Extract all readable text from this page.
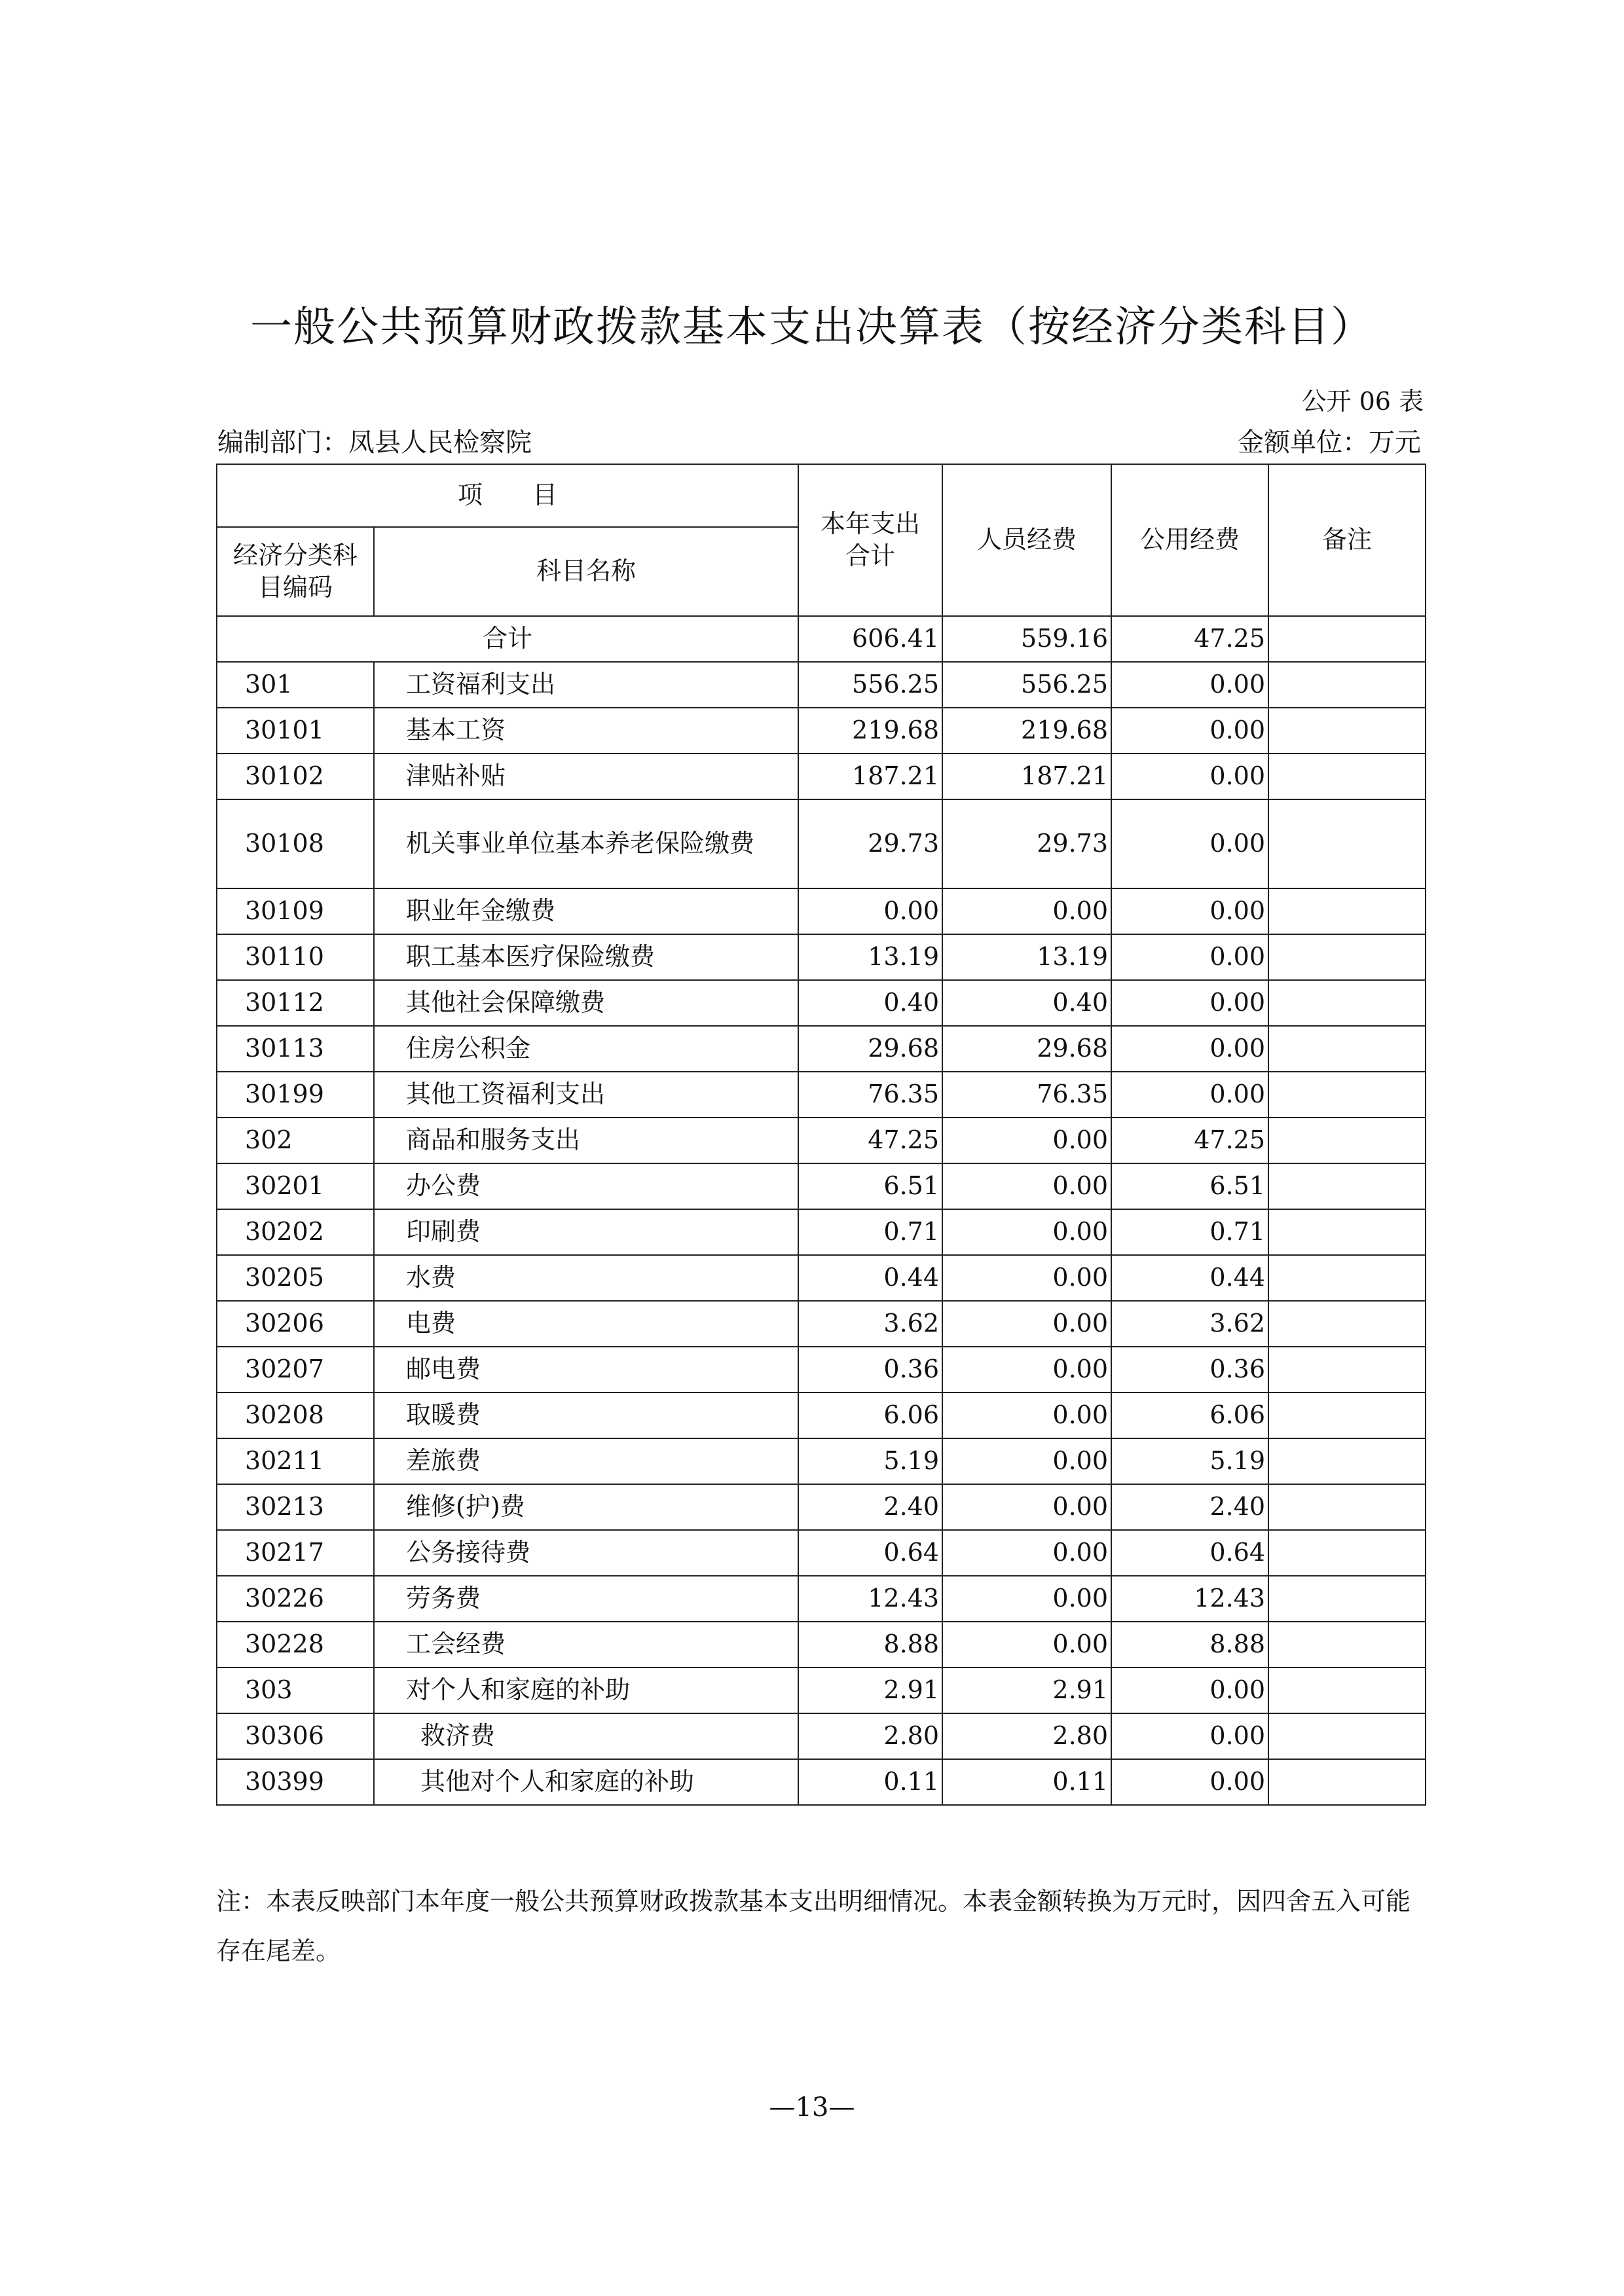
一般公共预算财政拨款基本支出决算表（按经济分类科目）
公开 06 表
编制部门：凤县人民检察院	金额单位：万元
项　　目		本年支出合计	人员经费	公用经费	备注
经济分类科目编码	科目名称				
合计		606.41	559.16	47.25	
301	工资福利支出	556.25	556.25	0.00	
30101	基本工资	219.68	219.68	0.00	
30102	津贴补贴	187.21	187.21	0.00	
30108	机关事业单位基本养老保险缴费	29.73	29.73	0.00	
30109	职业年金缴费	0.00	0.00	0.00	
30110	职工基本医疗保险缴费	13.19	13.19	0.00	
30112	其他社会保障缴费	0.40	0.40	0.00	
30113	住房公积金	29.68	29.68	0.00	
30199	其他工资福利支出	76.35	76.35	0.00	
302	商品和服务支出	47.25	0.00	47.25	
30201	办公费	6.51	0.00	6.51	
30202	印刷费	0.71	0.00	0.71	
30205	水费	0.44	0.00	0.44	
30206	电费	3.62	0.00	3.62	
30207	邮电费	0.36	0.00	0.36	
30208	取暖费	6.06	0.00	6.06	
30211	差旅费	5.19	0.00	5.19	
30213	维修(护)费	2.40	0.00	2.40	
30217	公务接待费	0.64	0.00	0.64	
30226	劳务费	12.43	0.00	12.43	
30228	工会经费	8.88	0.00	8.88	
303	对个人和家庭的补助	2.91	2.91	0.00	
30306	救济费	2.80	2.80	0.00	
30399	其他对个人和家庭的补助	0.11	0.11	0.00	
注：本表反映部门本年度一般公共预算财政拨款基本支出明细情况。本表金额转换为万元时，因四舍五入可能存在尾差。
—13—
